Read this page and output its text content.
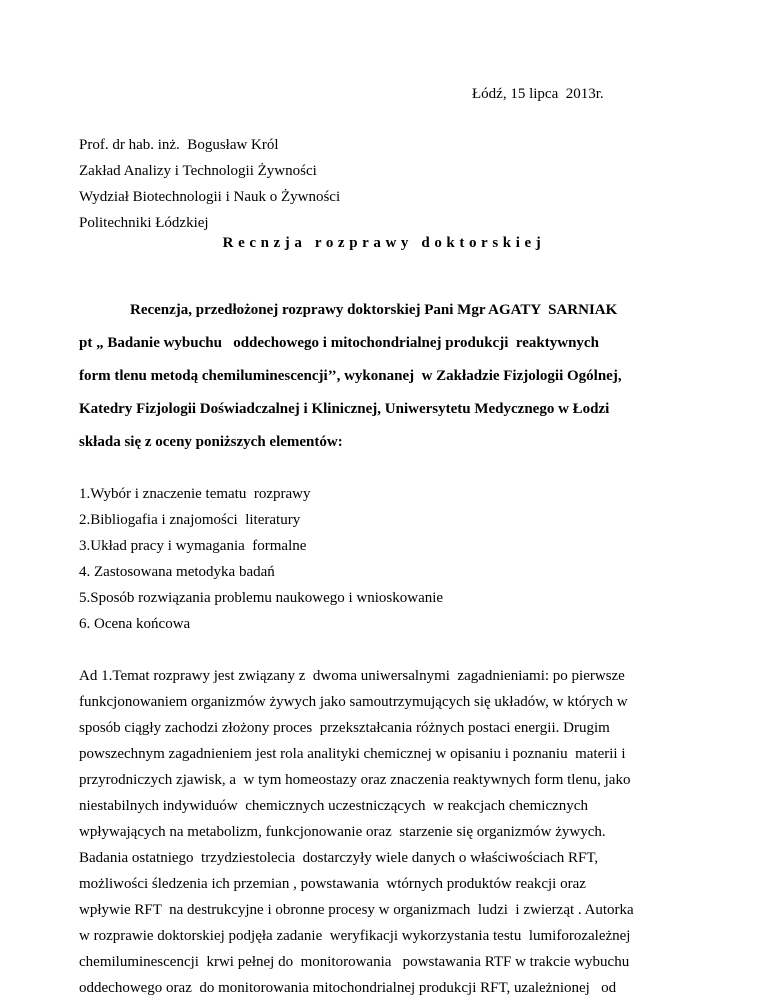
Łódź, 15 lipca  2013r.
Prof. dr hab. inż.  Bogusław Król
Zakład Analizy i Technologii Żywności
Wydział Biotechnologii i Nauk o Żywności
Politechniki Łódzkiej
Recnzja rozprawy doktorskiej
Recenzja, przedłożonej rozprawy doktorskiej Pani Mgr AGATY  SARNIAK
pt „ Badanie wybuchu   oddechowego i mitochondrialnej produkcji  reaktywnych
form tlenu metodą chemiluminescencji’’, wykonanej  w Zakładzie Fizjologii Ogólnej,
Katedry Fizjologii Doświadczalnej i Klinicznej, Uniwersytetu Medycznego w Łodzi
składa się z oceny poniższych elementów:
1.Wybór i znaczenie tematu  rozprawy
2.Bibliogafia i znajomości  literatury
3.Układ pracy i wymagania  formalne
4. Zastosowana metodyka badań
5.Sposób rozwiązania problemu naukowego i wnioskowanie
6. Ocena końcowa
Ad 1.Temat rozprawy jest związany z  dwoma uniwersalnymi  zagadnieniami: po pierwsze
funkcjonowaniem organizmów żywych jako samoutrzymujących się układów, w których w
sposób ciągły zachodzi złożony proces  przekształcania różnych postaci energii. Drugim
powszechnym zagadnieniem jest rola analityki chemicznej w opisaniu i poznaniu  materii i
przyrodniczych zjawisk, a  w tym homeostazy oraz znaczenia reaktywnych form tlenu, jako
niestabilnych indywiduów  chemicznych uczestniczących  w reakcjach chemicznych
wpływających na metabolizm, funkcjonowanie oraz  starzenie się organizmów żywych.
Badania ostatniego  trzydziestolecia  dostarczyły wiele danych o właściwościach RFT,
możliwości śledzenia ich przemian , powstawania  wtórnych produktów reakcji oraz
wpływie RFT  na destrukcyjne i obronne procesy w organizmach  ludzi  i zwierząt . Autorka
w rozprawie doktorskiej podjęła zadanie  weryfikacji wykorzystania testu  lumiforozależnej
chemiluminescencji  krwi pełnej do  monitorowania   powstawania RTF w trakcie wybuchu
oddechowego oraz  do monitorowania mitochondrialnej produkcji RFT, uzależnionej   od
